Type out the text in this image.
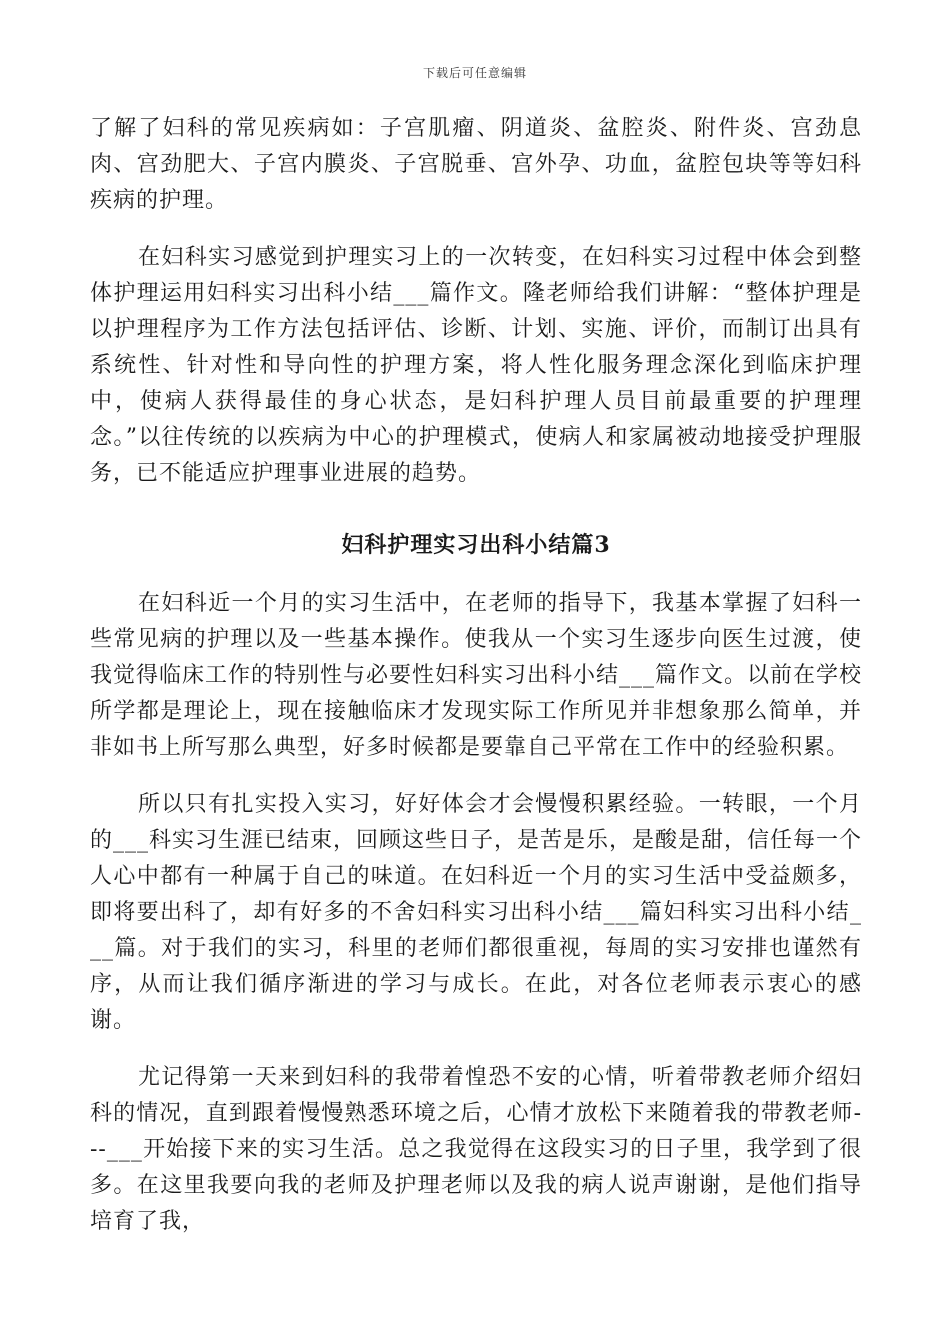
下载后可任意编辑

了解了妇科的常见疾病如：子宫肌瘤、阴道炎、盆腔炎、附件炎、宫劲息肉、宫劲肥大、子宫内膜炎、子宫脱垂、宫外孕、功血，盆腔包块等等妇科疾病的护理。

在妇科实习感觉到护理实习上的一次转变，在妇科实习过程中体会到整体护理运用妇科实习出科小结___篇作文。隆老师给我们讲解：“整体护理是以护理程序为工作方法包括评估、诊断、计划、实施、评价，而制订出具有系统性、针对性和导向性的护理方案，将人性化服务理念深化到临床护理中，使病人获得最佳的身心状态，是妇科护理人员目前最重要的护理理念。”以往传统的以疾病为中心的护理模式，使病人和家属被动地接受护理服务，已不能适应护理事业进展的趋势。

妇科护理实习出科小结篇3

在妇科近一个月的实习生活中，在老师的指导下，我基本掌握了妇科一些常见病的护理以及一些基本操作。使我从一个实习生逐步向医生过渡，使我觉得临床工作的特别性与必要性妇科实习出科小结___篇作文。以前在学校所学都是理论上，现在接触临床才发现实际工作所见并非想象那么简单，并非如书上所写那么典型，好多时候都是要靠自己平常在工作中的经验积累。

所以只有扎实投入实习，好好体会才会慢慢积累经验。一转眼，一个月的___科实习生涯已结束，回顾这些日子，是苦是乐，是酸是甜，信任每一个人心中都有一种属于自己的味道。在妇科近一个月的实习生活中受益颇多，即将要出科了，却有好多的不舍妇科实习出科小结___篇妇科实习出科小结___篇。对于我们的实习，科里的老师们都很重视，每周的实习安排也谨然有序，从而让我们循序渐进的学习与成长。在此，对各位老师表示衷心的感谢。

尤记得第一天来到妇科的我带着惶恐不安的心情，听着带教老师介绍妇科的情况，直到跟着慢慢熟悉环境之后，心情才放松下来随着我的带教老师---___开始接下来的实习生活。总之我觉得在这段实习的日子里，我学到了很多。在这里我要向我的老师及护理老师以及我的病人说声谢谢，是他们指导培育了我，
